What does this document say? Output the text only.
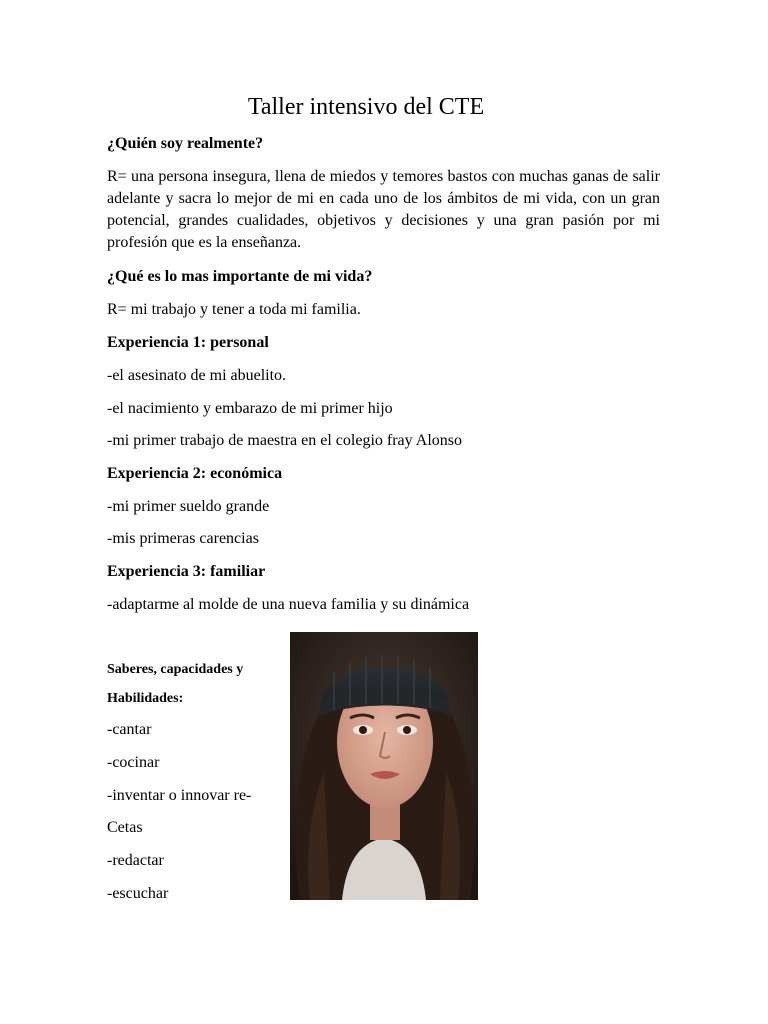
Taller intensivo del CTE

¿Quién soy realmente?

R= una persona insegura, llena de miedos y temores bastos con muchas ganas de salir adelante y sacra lo mejor de mi en cada uno de los ámbitos de mi vida, con un gran potencial, grandes cualidades, objetivos y decisiones y una gran pasión por mi profesión que es la enseñanza.

¿Qué es lo mas importante de mi vida?

R= mi trabajo y tener a toda mi familia.

Experiencia 1: personal

-el asesinato de mi abuelito.

-el nacimiento y embarazo de mi primer hijo

-mi primer trabajo de maestra en el colegio fray Alonso

Experiencia 2: económica

-mi primer sueldo grande

-mis primeras carencias

Experiencia 3: familiar

-adaptarme al molde de una nueva familia y su dinámica

Saberes, capacidades y

Habilidades:

-cantar

-cocinar

-inventar o innovar re-

Cetas

-redactar

-escuchar
